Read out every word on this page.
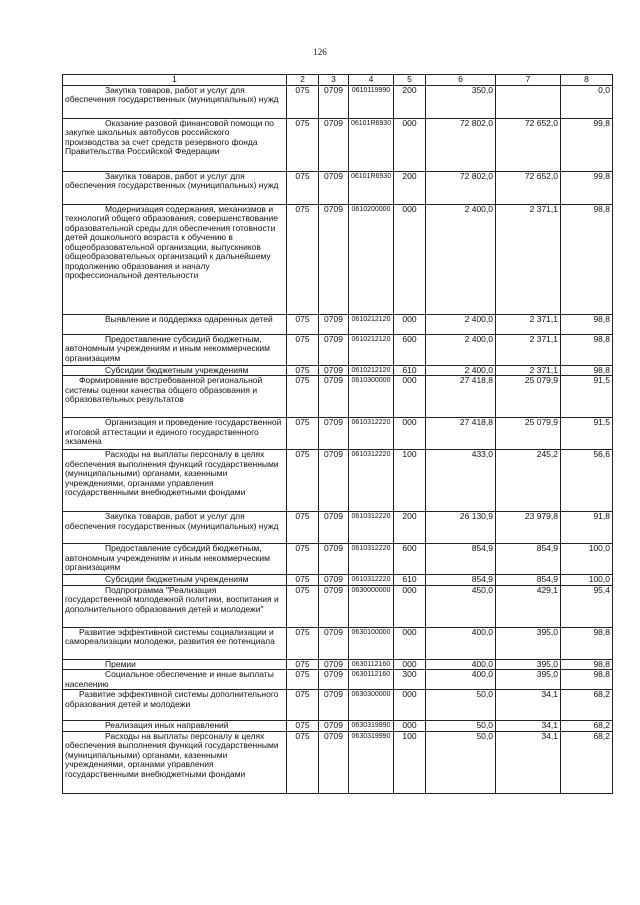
126
1	2	3	4	5	6	7	8
Закупка товаров, работ и услуг для обеспечения государственных (муниципальных) нужд	075	0709	0610119990	200	350,0		0,0
Оказание разовой финансовой помощи по закупке школьных автобусов российского производства за счет средств резервного фонда Правительства Российской Федерации	075	0709	06101R6930	000	72 802,0	72 652,0	99,8
Закупка товаров, работ и услуг для обеспечения государственных (муниципальных) нужд	075	0709	06101R6930	200	72 802,0	72 652,0	99,8
Модернизация содержания, механизмов и технологий общего образования, совершенствование образовательной среды для обеспечения готовности детей дошкольного возраста к обучению в общеобразовательной организации, выпускников общеобразовательных организаций к дальнейшему продолжению образования и началу профессиональной деятельности	075	0709	0610200000	000	2 400,0	2 371,1	98,8
Выявление и поддержка одаренных детей	075	0709	0610212120	000	2 400,0	2 371,1	98,8
Предоставление субсидий бюджетным, автономным учреждениям и иным некоммерческим организациям	075	0709	0610212120	600	2 400,0	2 371,1	98,8
Субсидии бюджетным учреждениям	075	0709	0610212120	610	2 400,0	2 371,1	98,8
Формирование востребованной региональной системы оценки качества общего образования и образовательных результатов	075	0709	0610300000	000	27 418,8	25 079,9	91,5
Организация и проведение государственной итоговой аттестации и единого государственного экзамена	075	0709	0610312220	000	27 418,8	25 079,9	91,5
Расходы на выплаты персоналу в целях обеспечения выполнения функций государственными (муниципальными) органами, казенными учреждениями, органами управления государственными внебюджетными фондами	075	0709	0610312220	100	433,0	245,2	56,6
Закупка товаров, работ и услуг для обеспечения государственных (муниципальных) нужд	075	0709	0610312220	200	26 130,9	23 979,8	91,8
Предоставление субсидий бюджетным, автономным учреждениям и иным некоммерческим организациям	075	0709	0610312220	600	854,9	854,9	100,0
Субсидии бюджетным учреждениям	075	0709	0610312220	610	854,9	854,9	100,0
Подпрограмма "Реализация государственной молодежной политики, воспитания и дополнительного образования детей и молодежи"	075	0709	0630000000	000	450,0	429,1	95,4
Развитие эффективной системы социализации и самореализации молодежи, развития ее потенциала	075	0709	0630100000	000	400,0	395,0	98,8
Премии	075	0709	0630112160	000	400,0	395,0	98,8
Социальное обеспечение и иные выплаты населению	075	0709	0630112160	300	400,0	395,0	98,8
Развитие эффективной системы дополнительного образования детей и молодежи	075	0709	0630300000	000	50,0	34,1	68,2
Реализация иных направлений	075	0709	0630319990	000	50,0	34,1	68,2
Расходы на выплаты персоналу в целях обеспечения выполнения функций государственными (муниципальными) органами, казенными учреждениями, органами управления государственными внебюджетными фондами	075	0709	0630319990	100	50,0	34,1	68,2
